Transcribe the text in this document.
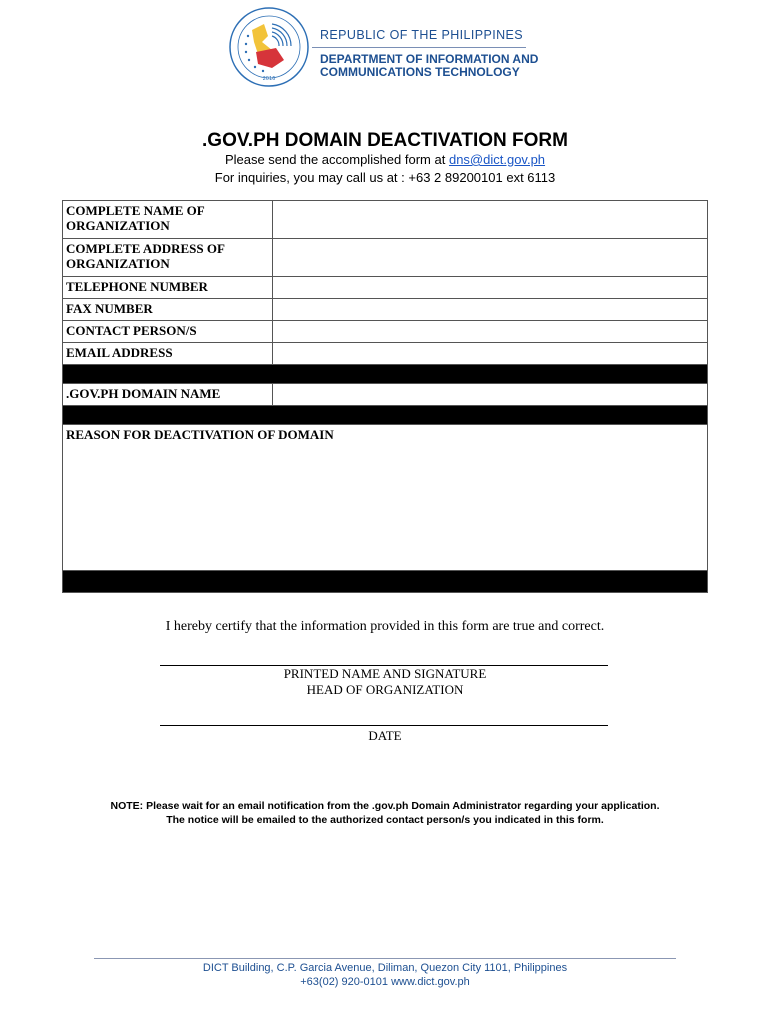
2016
REPUBLIC OF THE PHILIPPINES
DEPARTMENT OF INFORMATION AND
COMMUNICATIONS TECHNOLOGY
.GOV.PH DOMAIN DEACTIVATION FORM
Please send the accomplished form at dns@dict.gov.ph
For inquiries, you may call us at : +63 2 89200101 ext 6113
COMPLETE NAME OF ORGANIZATION	
COMPLETE ADDRESS OF ORGANIZATION	
TELEPHONE NUMBER	
FAX NUMBER	
CONTACT PERSON/S	
EMAIL ADDRESS	

.GOV.PH DOMAIN NAME	

REASON FOR DEACTIVATION OF DOMAIN	

I hereby certify that the information provided in this form are true and correct.
PRINTED NAME AND SIGNATURE
HEAD OF ORGANIZATION
DATE
NOTE: Please wait for an email notification from the .gov.ph Domain Administrator regarding your application.
The notice will be emailed to the authorized contact person/s you indicated in this form.
DICT Building, C.P. Garcia Avenue, Diliman, Quezon City 1101, Philippines
+63(02) 920-0101 www.dict.gov.ph
